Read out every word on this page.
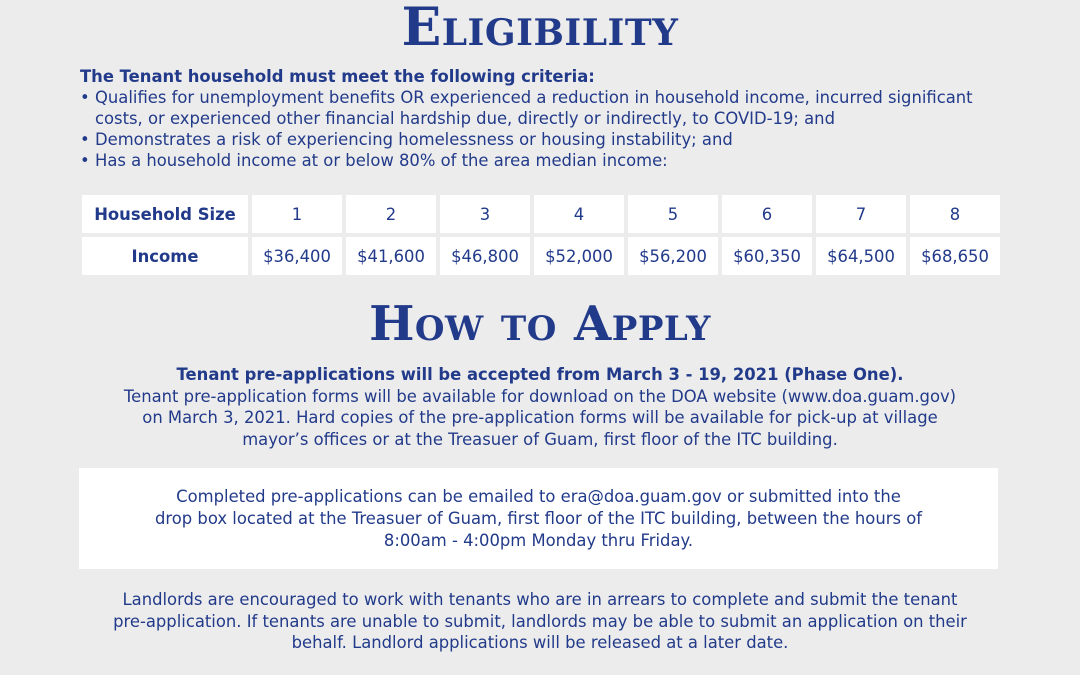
Eligibility
The Tenant household must meet the following criteria:
• Qualifies for unemployment benefits OR experienced a reduction in household income, incurred significant costs, or experienced other financial hardship due, directly or indirectly, to COVID-19; and
• Demonstrates a risk of experiencing homelessness or housing instability; and
• Has a household income at or below 80% of the area median income:
Household Size	1	2	3	4	5	6	7	8
Income	$36,400	$41,600	$46,800	$52,000	$56,200	$60,350	$64,500	$68,650
How to Apply
Tenant pre-applications will be accepted from March 3 - 19, 2021 (Phase One).
Tenant pre-application forms will be available for download on the DOA website (www.doa.guam.gov)
on March 3, 2021. Hard copies of the pre-application forms will be available for pick-up at village
mayor’s offices or at the Treasuer of Guam, first floor of the ITC building.
Completed pre-applications can be emailed to era@doa.guam.gov or submitted into the
drop box located at the Treasuer of Guam, first floor of the ITC building, between the hours of
8:00am - 4:00pm Monday thru Friday.
Landlords are encouraged to work with tenants who are in arrears to complete and submit the tenant
pre-application. If tenants are unable to submit, landlords may be able to submit an application on their
behalf. Landlord applications will be released at a later date.
